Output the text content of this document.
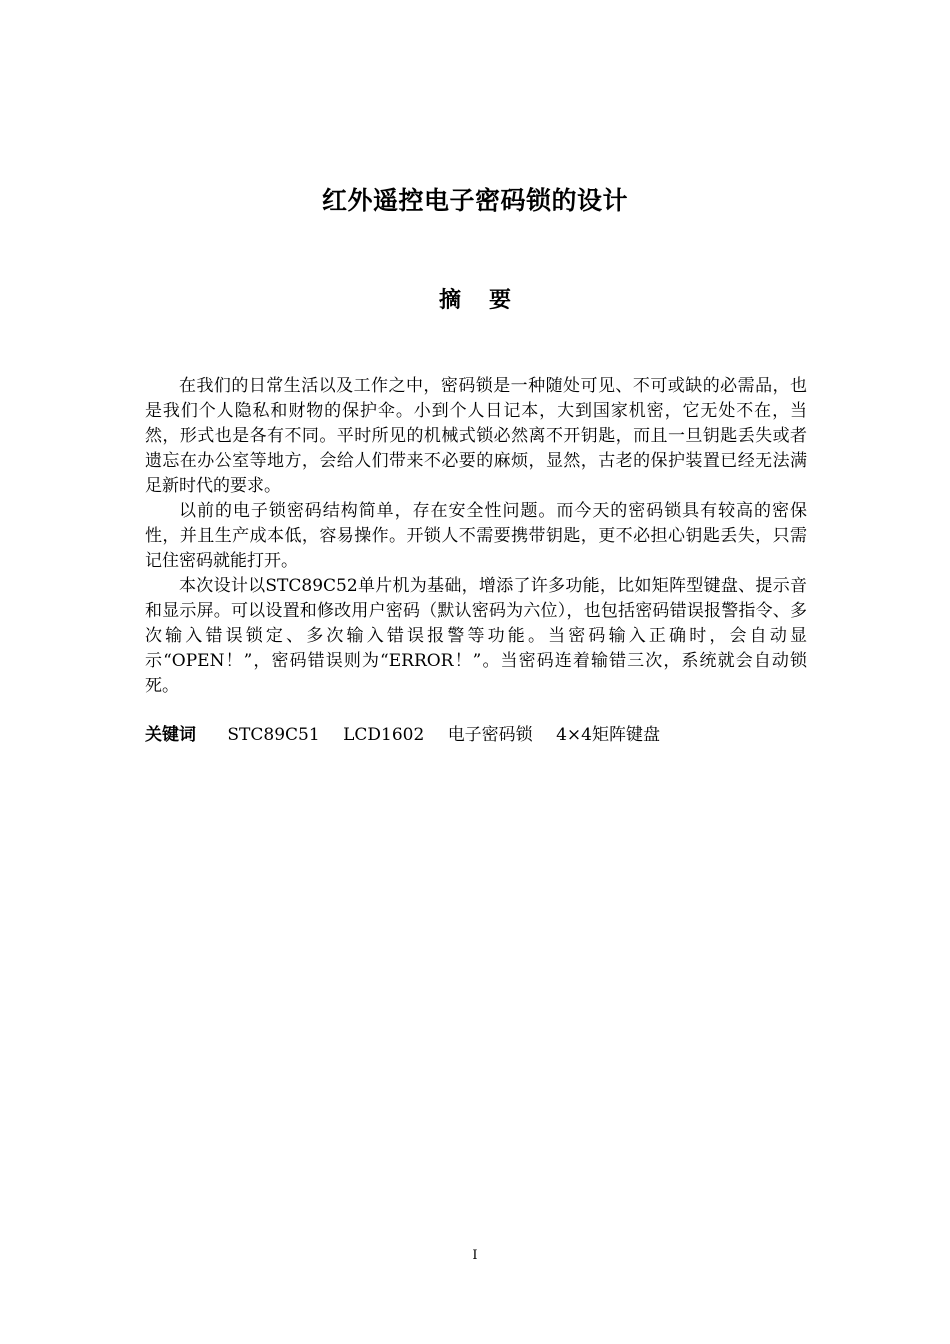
红外遥控电子密码锁的设计
摘要

在我们的日常生活以及工作之中，密码锁是一种随处可见、不可或缺的必需品，也是我们个人隐私和财物的保护伞。小到个人日记本，大到国家机密，它无处不在，当然，形式也是各有不同。平时所见的机械式锁必然离不开钥匙，而且一旦钥匙丢失或者遗忘在办公室等地方，会给人们带来不必要的麻烦，显然，古老的保护装置已经无法满足新时代的要求。

以前的电子锁密码结构简单，存在安全性问题。而今天的密码锁具有较高的密保性，并且生产成本低，容易操作。开锁人不需要携带钥匙，更不必担心钥匙丢失，只需记住密码就能打开。

本次设计以STC89C52单片机为基础，增添了许多功能，比如矩阵型键盘、提示音和显示屏。可以设置和修改用户密码（默认密码为六位），也包括密码错误报警指令、多次输入错误锁定、多次输入错误报警等功能。当密码输入正确时，会自动显示“OPEN！”，密码错误则为“ERROR！”。当密码连着输错三次，系统就会自动锁死。

关键词 STC89C51 LCD1602 电子密码锁 4×4矩阵键盘
I
